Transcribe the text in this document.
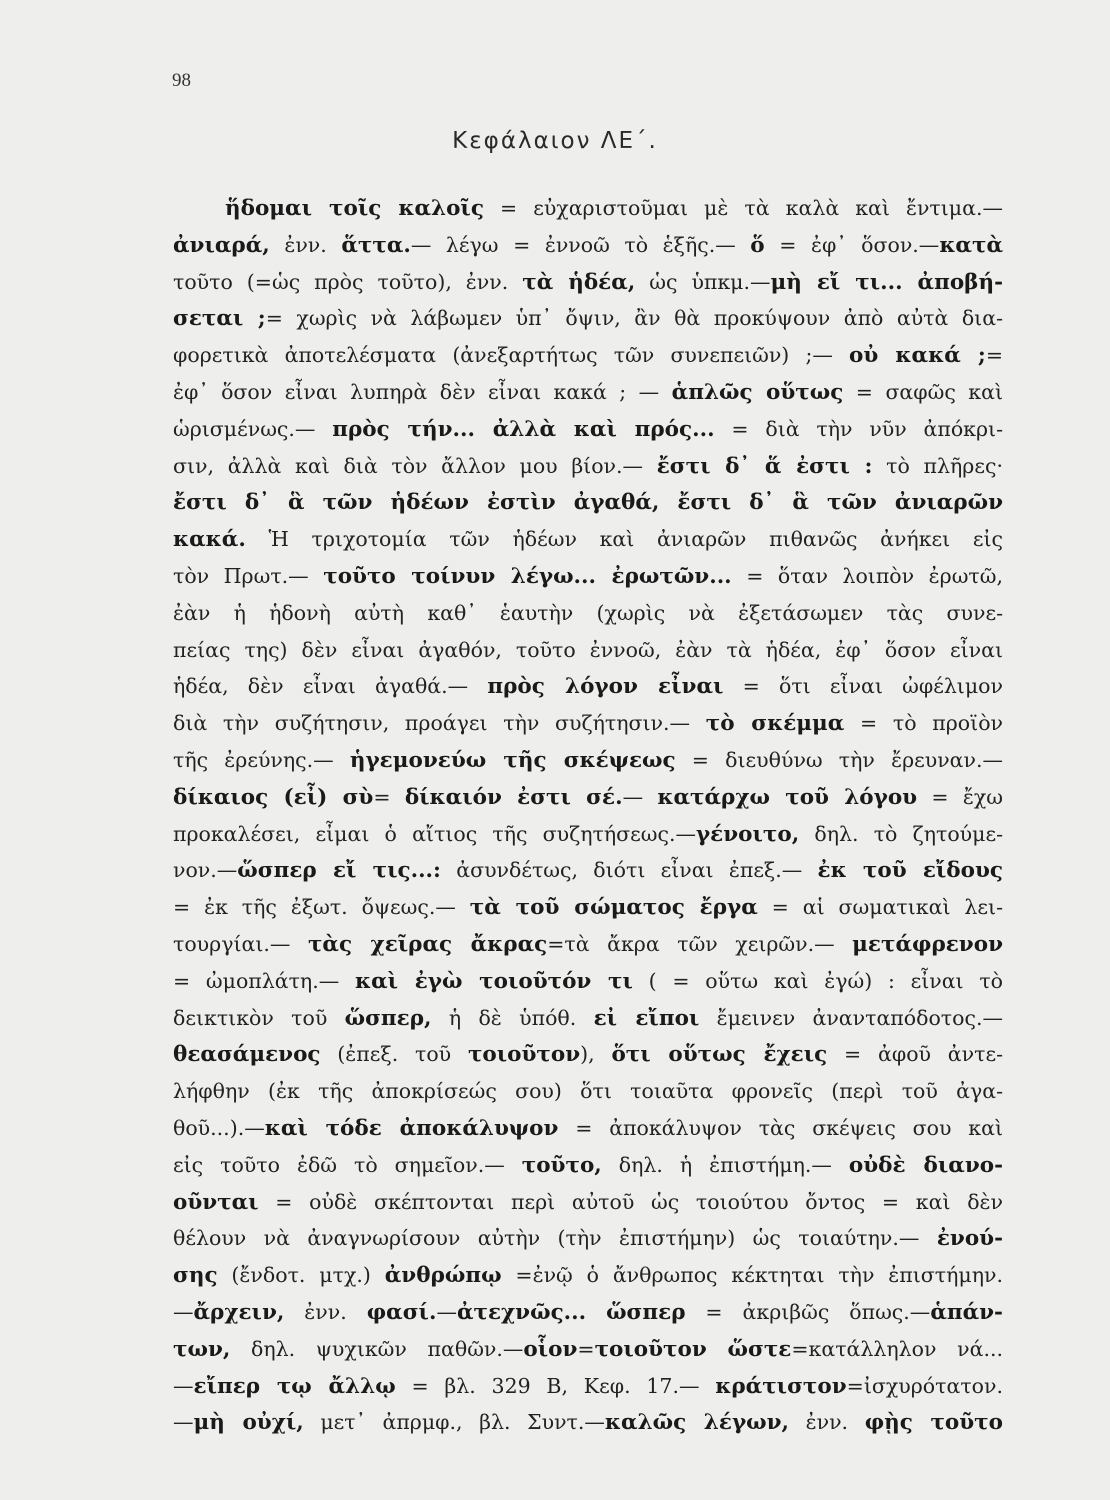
98
Κεφάλαιον ΛΕ΄.
ἥδομαι τοῖς καλοῖς = εὐχαριστοῦμαι μὲ τὰ καλὰ καὶ ἔντιμα.—
ἀνιαρά, ἐνν. ἅττα.— λέγω = ἐννοῶ τὸ ἑξῆς.— ὅ = ἐφ᾽ ὅσον.—κατὰ
τοῦτο (=ὡς πρὸς τοῦτο), ἐνν. τὰ ἡδέα, ὡς ὑπκμ.—μὴ εἴ τι... ἀποβή-
σεται ;= χωρὶς νὰ λάβωμεν ὑπ᾽ ὄψιν, ἂν θὰ προκύψουν ἀπὸ αὐτὰ δια-
φορετικὰ ἀποτελέσματα (ἀνεξαρτήτως τῶν συνεπειῶν) ;— οὐ κακά ;=
ἐφ᾽ ὅσον εἶναι λυπηρὰ δὲν εἶναι κακά ; — ἁπλῶς οὕτως = σαφῶς καὶ
ὡρισμένως.— πρὸς τήν... ἀλλὰ καὶ πρός... = διὰ τὴν νῦν ἀπόκρι-
σιν, ἀλλὰ καὶ διὰ τὸν ἄλλον μου βίον.— ἔστι δ᾽ ἅ ἐστι : τὸ πλῆρες·
ἔστι δ᾽ ἃ τῶν ἡδέων ἐστὶν ἀγαθά, ἔστι δ᾽ ἃ τῶν ἀνιαρῶν
κακά. Ἡ τριχοτομία τῶν ἡδέων καὶ ἀνιαρῶν πιθανῶς ἀνήκει εἰς
τὸν Πρωτ.— τοῦτο τοίνυν λέγω... ἐρωτῶν... = ὅταν λοιπὸν ἐρωτῶ,
ἐὰν ἡ ἡδονὴ αὐτὴ καθ᾽ ἑαυτὴν (χωρὶς νὰ ἐξετάσωμεν τὰς συνε-
πείας της) δὲν εἶναι ἀγαθόν, τοῦτο ἐννοῶ, ἐὰν τὰ ἡδέα, ἐφ᾽ ὅσον εἶναι
ἡδέα, δὲν εἶναι ἀγαθά.— πρὸς λόγον εἶναι = ὅτι εἶναι ὠφέλιμον
διὰ τὴν συζήτησιν, προάγει τὴν συζήτησιν.— τὸ σκέμμα = τὸ προϊὸν
τῆς ἐρεύνης.— ἡγεμονεύω τῆς σκέψεως = διευθύνω τὴν ἔρευναν.—
δίκαιος (εἶ) σὺ= δίκαιόν ἐστι σέ.— κατάρχω τοῦ λόγου = ἔχω
προκαλέσει, εἶμαι ὁ αἴτιος τῆς συζητήσεως.—γένοιτο, δηλ. τὸ ζητούμε-
νον.—ὥσπερ εἴ τις...: ἀσυνδέτως, διότι εἶναι ἐπεξ.— ἐκ τοῦ εἴδους
= ἐκ τῆς ἐξωτ. ὄψεως.— τὰ τοῦ σώματος ἔργα = αἱ σωματικαὶ λει-
τουργίαι.— τὰς χεῖρας ἄκρας=τὰ ἄκρα τῶν χειρῶν.— μετάφρενον
= ὠμοπλάτη.— καὶ ἐγὼ τοιοῦτόν τι ( = οὕτω καὶ ἐγώ) : εἶναι τὸ
δεικτικὸν τοῦ ὥσπερ, ἡ δὲ ὑπόθ. εἰ εἴποι ἔμεινεν ἀνανταπόδοτος.—
θεασάμενος (ἐπεξ. τοῦ τοιοῦτον), ὅτι οὕτως ἔχεις = ἀφοῦ ἀντε-
λήφθην (ἐκ τῆς ἀποκρίσεώς σου) ὅτι τοιαῦτα φρονεῖς (περὶ τοῦ ἀγα-
θοῦ...).—καὶ τόδε ἀποκάλυψον = ἀποκάλυψον τὰς σκέψεις σου καὶ
εἰς τοῦτο ἐδῶ τὸ σημεῖον.— τοῦτο, δηλ. ἡ ἐπιστήμη.— οὐδὲ διανο-
οῦνται = οὐδὲ σκέπτονται περὶ αὐτοῦ ὡς τοιούτου ὄντος = καὶ δὲν
θέλουν νὰ ἀναγνωρίσουν αὐτὴν (τὴν ἐπιστήμην) ὡς τοιαύτην.— ἐνού-
σης (ἔνδοτ. μτχ.) ἀνθρώπῳ =ἐνῷ ὁ ἄνθρωπος κέκτηται τὴν ἐπιστήμην.
—ἄρχειν, ἐνν. φασί.—ἀτεχνῶς... ὥσπερ = ἀκριβῶς ὅπως.—ἁπάν-
των, δηλ. ψυχικῶν παθῶν.—οἷον=τοιοῦτον ὥστε=κατάλληλον νά...
—εἴπερ τῳ ἄλλῳ = βλ. 329 Β, Κεφ. 17.— κράτιστον=ἰσχυρότατον.
—μὴ οὐχί, μετ᾽ ἀπρμφ., βλ. Συντ.—καλῶς λέγων, ἐνν. φῂς τοῦτο
